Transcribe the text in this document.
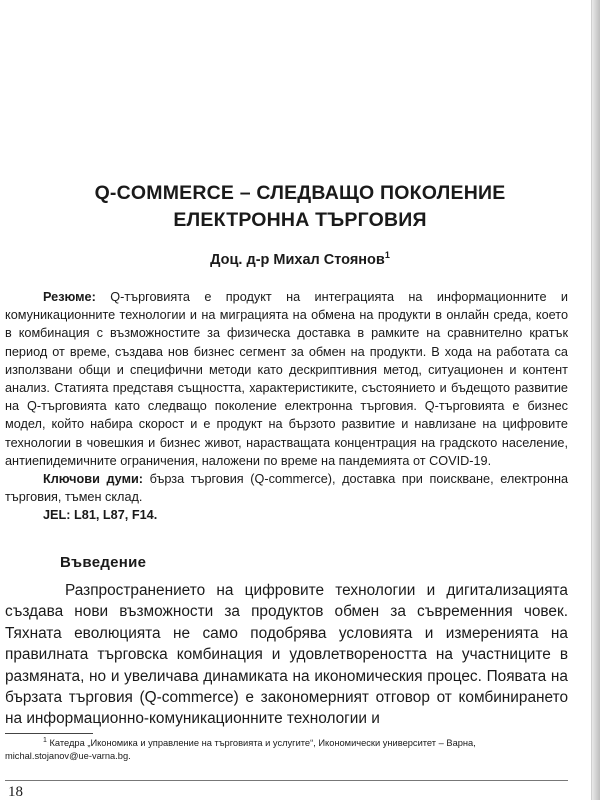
Q-COMMERCE – СЛЕДВАЩО ПОКОЛЕНИЕ
ЕЛЕКТРОННА ТЪРГОВИЯ
Доц. д-р Михал Стоянов$^1$

Резюме: Q-търговията е продукт на интеграцията на информационните и комуникационните технологии и на миграцията на обмена на продукти в онлайн среда, което в комбинация с възможностите за физическа доставка в рамките на сравнително кратък период от време, създава нов бизнес сегмент за обмен на продукти. В хода на работата са използвани общи и специфични методи като дескриптивния метод, ситуационен и контент анализ. Статията представя същността, характеристиките, състоянието и бъдещото развитие на Q-търговията като следващо поколение електронна търговия. Q-търговията е бизнес модел, който набира скорост и е продукт на бързото развитие и навлизане на цифровите технологии в човешкия и бизнес живот, нарастващата концентрация на градското население, антиепидемичните ограничения, наложени по време на пандемията от COVID-19.

Ключови думи: бърза търговия (Q-commerce), доставка при поискване, електронна търговия, тъмен склад.

JEL: L81, L87, F14.

Въведение

Разпространението на цифровите технологии и дигитализацията създава нови възможности за продуктов обмен за съвременния човек. Тяхната еволюцията не само подобрява условията и измеренията на правилната търговска комбинация и удовлетвореността на участниците в размяната, но и увеличава динамиката на икономическия процес. Появата на бързата търговия (Q-commerce) е закономерният отговор от комбинирането на информационно-комуникационните технологии и

$^1$ Катедра „Икономика и управление на търговията и услугите“, Икономически университет – Варна,
michal.stojanov@ue-varna.bg.
18
